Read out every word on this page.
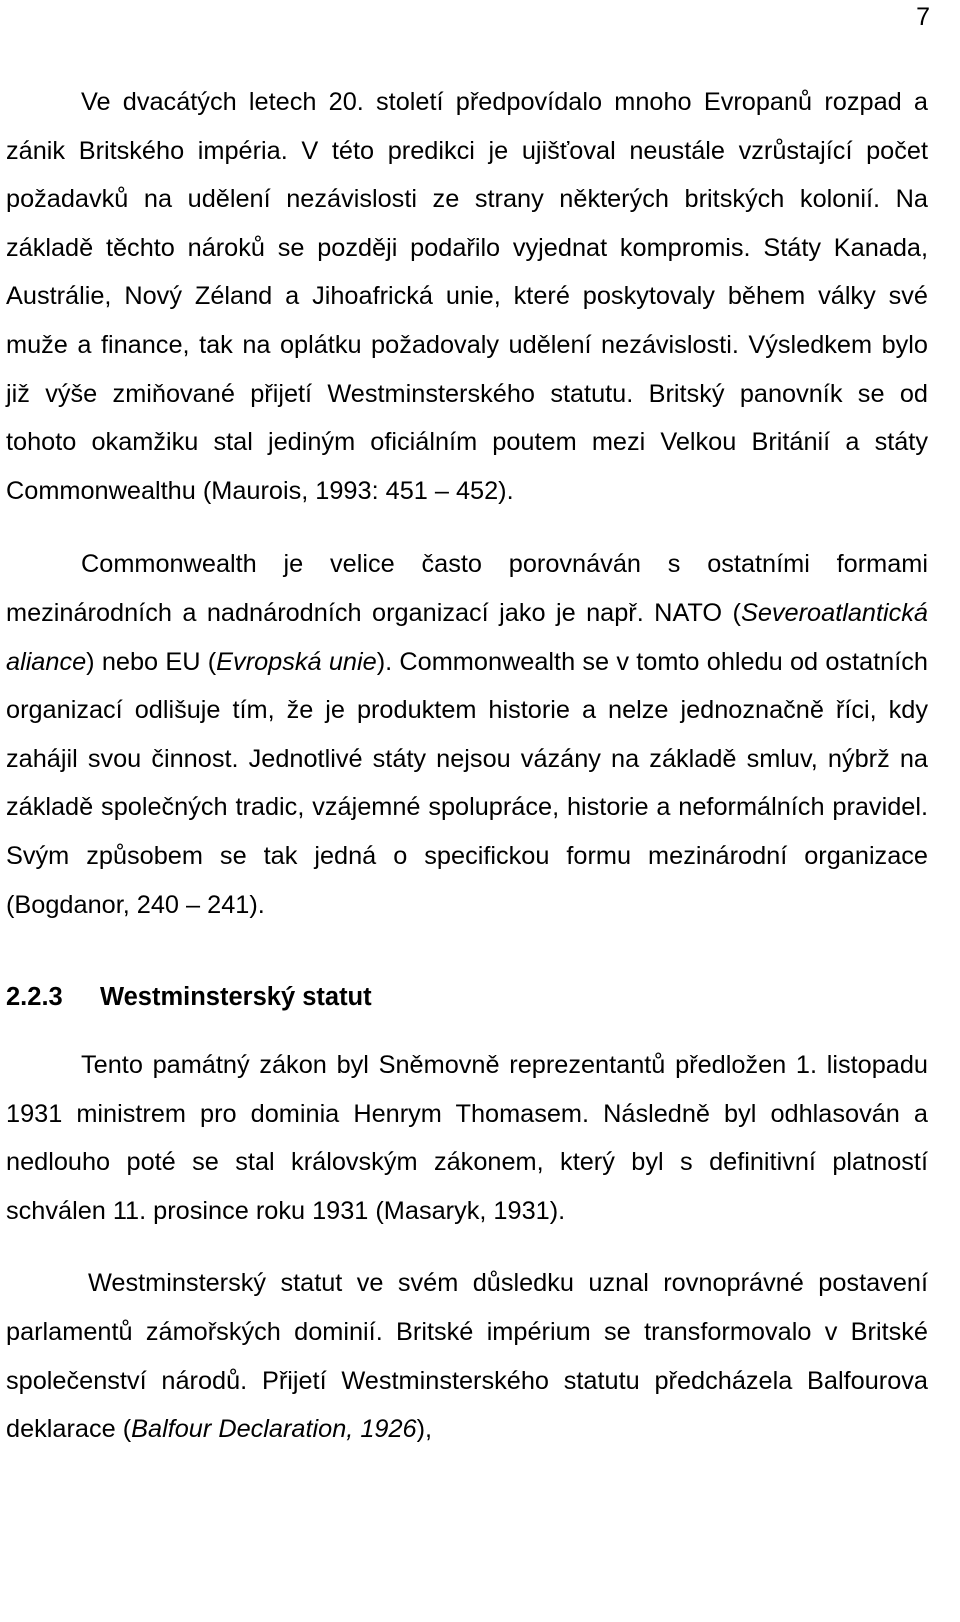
7

Ve dvacátých letech 20. století předpovídalo mnoho Evropanů rozpad a zánik Britského impéria. V této predikci je ujišťoval neustále vzrůstající počet požadavků na udělení nezávislosti ze strany některých britských kolonií. Na základě těchto nároků se později podařilo vyjednat kompromis. Státy Kanada, Austrálie, Nový Zéland a Jihoafrická unie, které poskytovaly během války své muže a finance, tak na oplátku požadovaly udělení nezávislosti. Výsledkem bylo již výše zmiňované přijetí Westminsterského statutu. Britský panovník se od tohoto okamžiku stal jediným oficiálním poutem mezi Velkou Británií a státy Commonwealthu (Maurois, 1993: 451 – 452).

Commonwealth je velice často porovnáván s ostatními formami mezinárodních a nadnárodních organizací jako je např. NATO (Severoatlantická aliance) nebo EU (Evropská unie). Commonwealth se v tomto ohledu od ostatních organizací odlišuje tím, že je produktem historie a nelze jednoznačně říci, kdy zahájil svou činnost. Jednotlivé státy nejsou vázány na základě smluv, nýbrž na základě společných tradic, vzájemné spolupráce, historie a neformálních pravidel. Svým způsobem se tak jedná o specifickou formu mezinárodní organizace (Bogdanor, 240 – 241).

2.2.3 Westminsterský statut

Tento památný zákon byl Sněmovně reprezentantů předložen 1. listopadu 1931 ministrem pro dominia Henrym Thomasem. Následně byl odhlasován a nedlouho poté se stal královským zákonem, který byl s definitivní platností schválen 11. prosince roku 1931 (Masaryk, 1931).

Westminsterský statut ve svém důsledku uznal rovnoprávné postavení parlamentů zámořských dominií. Britské impérium se transformovalo v Britské společenství národů. Přijetí Westminsterského statutu předcházela Balfourova deklarace (Balfour Declaration, 1926),
